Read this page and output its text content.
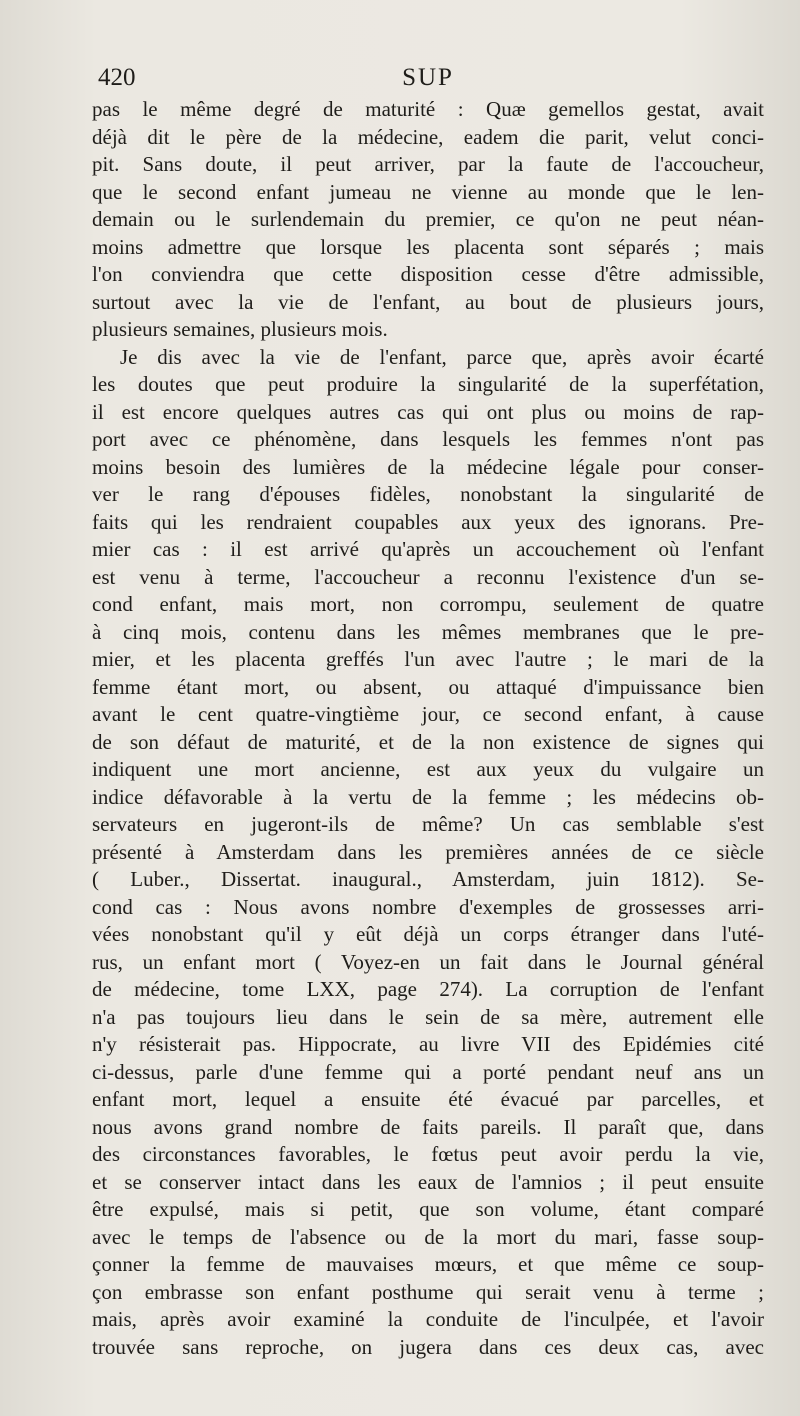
420	SUP
pas le même degré de maturité : Quæ gemellos gestat, avait
déjà dit le père de la médecine, eadem die parit, velut conci-
pit. Sans doute, il peut arriver, par la faute de l'accoucheur,
que le second enfant jumeau ne vienne au monde que le len-
demain ou le surlendemain du premier, ce qu'on ne peut néan-
moins admettre que lorsque les placenta sont séparés ; mais
l'on conviendra que cette disposition cesse d'être admissible,
surtout avec la vie de l'enfant, au bout de plusieurs jours,
plusieurs semaines, plusieurs mois.
Je dis avec la vie de l'enfant, parce que, après avoir écarté
les doutes que peut produire la singularité de la superfétation,
il est encore quelques autres cas qui ont plus ou moins de rap-
port avec ce phénomène, dans lesquels les femmes n'ont pas
moins besoin des lumières de la médecine légale pour conser-
ver le rang d'épouses fidèles, nonobstant la singularité de
faits qui les rendraient coupables aux yeux des ignorans. Pre-
mier cas : il est arrivé qu'après un accouchement où l'enfant
est venu à terme, l'accoucheur a reconnu l'existence d'un se-
cond enfant, mais mort, non corrompu, seulement de quatre
à cinq mois, contenu dans les mêmes membranes que le pre-
mier, et les placenta greffés l'un avec l'autre ; le mari de la
femme étant mort, ou absent, ou attaqué d'impuissance bien
avant le cent quatre-vingtième jour, ce second enfant, à cause
de son défaut de maturité, et de la non existence de signes qui
indiquent une mort ancienne, est aux yeux du vulgaire un
indice défavorable à la vertu de la femme ; les médecins ob-
servateurs en jugeront-ils de même? Un cas semblable s'est
présenté à Amsterdam dans les premières années de ce siècle
( Luber., Dissertat. inaugural., Amsterdam, juin 1812). Se-
cond cas : Nous avons nombre d'exemples de grossesses arri-
vées nonobstant qu'il y eût déjà un corps étranger dans l'uté-
rus, un enfant mort ( Voyez-en un fait dans le Journal général
de médecine, tome LXX, page 274). La corruption de l'enfant
n'a pas toujours lieu dans le sein de sa mère, autrement elle
n'y résisterait pas. Hippocrate, au livre VII des Epidémies cité
ci-dessus, parle d'une femme qui a porté pendant neuf ans un
enfant mort, lequel a ensuite été évacué par parcelles, et
nous avons grand nombre de faits pareils. Il paraît que, dans
des circonstances favorables, le fœtus peut avoir perdu la vie,
et se conserver intact dans les eaux de l'amnios ; il peut ensuite
être expulsé, mais si petit, que son volume, étant comparé
avec le temps de l'absence ou de la mort du mari, fasse soup-
çonner la femme de mauvaises mœurs, et que même ce soup-
çon embrasse son enfant posthume qui serait venu à terme ;
mais, après avoir examiné la conduite de l'inculpée, et l'avoir
trouvée sans reproche, on jugera dans ces deux cas, avec
